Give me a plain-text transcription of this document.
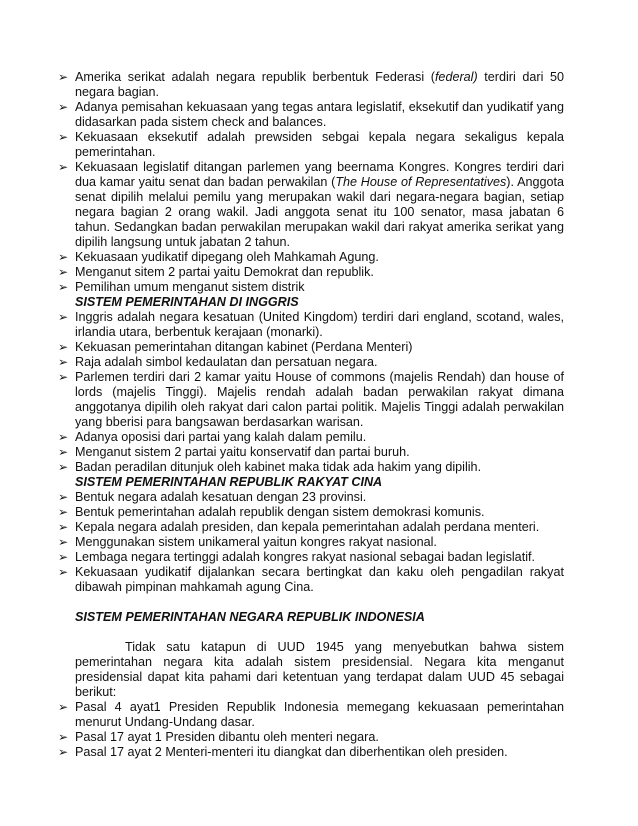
➢ Amerika serikat adalah negara republik berbentuk Federasi (federal) terdiri dari 50 negara bagian.
➢ Adanya pemisahan kekuasaan yang tegas antara legislatif, eksekutif dan yudikatif yang didasarkan pada sistem check and balances.
➢ Kekuasaan eksekutif adalah prewsiden sebgai kepala negara sekaligus kepala pemerintahan.
➢ Kekuasaan legislatif ditangan parlemen yang beernama Kongres. Kongres terdiri dari dua kamar yaitu senat dan badan perwakilan (The House of Representatives). Anggota senat dipilih melalui pemilu yang merupakan wakil dari negara-negara bagian, setiap negara bagian 2 orang wakil. Jadi anggota senat itu 100 senator, masa jabatan 6 tahun. Sedangkan badan perwakilan merupakan wakil dari rakyat amerika serikat yang dipilih langsung untuk jabatan 2 tahun.
➢ Kekuasaan yudikatif dipegang oleh Mahkamah Agung.
➢ Menganut sitem 2 partai yaitu Demokrat dan republik.
➢ Pemilihan umum menganut sistem distrik
SISTEM PEMERINTAHAN DI INGGRIS
➢ Inggris adalah negara kesatuan (United Kingdom) terdiri dari england, scotand, wales, irlandia utara, berbentuk kerajaan (monarki).
➢ Kekuasan pemerintahan ditangan kabinet (Perdana Menteri)
➢ Raja adalah simbol kedaulatan dan persatuan negara.
➢ Parlemen terdiri dari 2 kamar yaitu House of commons (majelis Rendah) dan house of lords (majelis Tinggi). Majelis rendah adalah badan perwakilan rakyat dimana anggotanya dipilih oleh rakyat dari calon partai politik. Majelis Tinggi adalah perwakilan yang bberisi para bangsawan berdasarkan warisan.
➢ Adanya oposisi dari partai yang kalah dalam pemilu.
➢ Menganut sistem 2 partai yaitu konservatif dan partai buruh.
➢ Badan peradilan ditunjuk oleh kabinet maka tidak ada hakim yang dipilih.
SISTEM PEMERINTAHAN REPUBLIK RAKYAT CINA
➢ Bentuk negara adalah kesatuan dengan 23 provinsi.
➢ Bentuk pemerintahan adalah republik dengan sistem demokrasi komunis.
➢ Kepala negara adalah presiden, dan kepala pemerintahan adalah perdana menteri.
➢ Menggunakan sistem unikameral yaitun kongres rakyat nasional.
➢ Lembaga negara tertinggi adalah kongres rakyat nasional sebagai badan legislatif.
➢ Kekuasaan yudikatif dijalankan secara bertingkat dan kaku oleh pengadilan rakyat dibawah pimpinan mahkamah agung Cina.
SISTEM PEMERINTAHAN NEGARA REPUBLIK INDONESIA

Tidak satu katapun di UUD 1945 yang menyebutkan bahwa sistem pemerintahan negara kita adalah sistem presidensial. Negara kita menganut presidensial dapat kita pahami dari ketentuan yang terdapat dalam UUD 45 sebagai berikut:

➢ Pasal 4 ayat1 Presiden Republik Indonesia memegang kekuasaan pemerintahan menurut Undang-Undang dasar.
➢ Pasal 17 ayat 1 Presiden dibantu oleh menteri negara.
➢ Pasal 17 ayat 2 Menteri-menteri itu diangkat dan diberhentikan oleh presiden.
